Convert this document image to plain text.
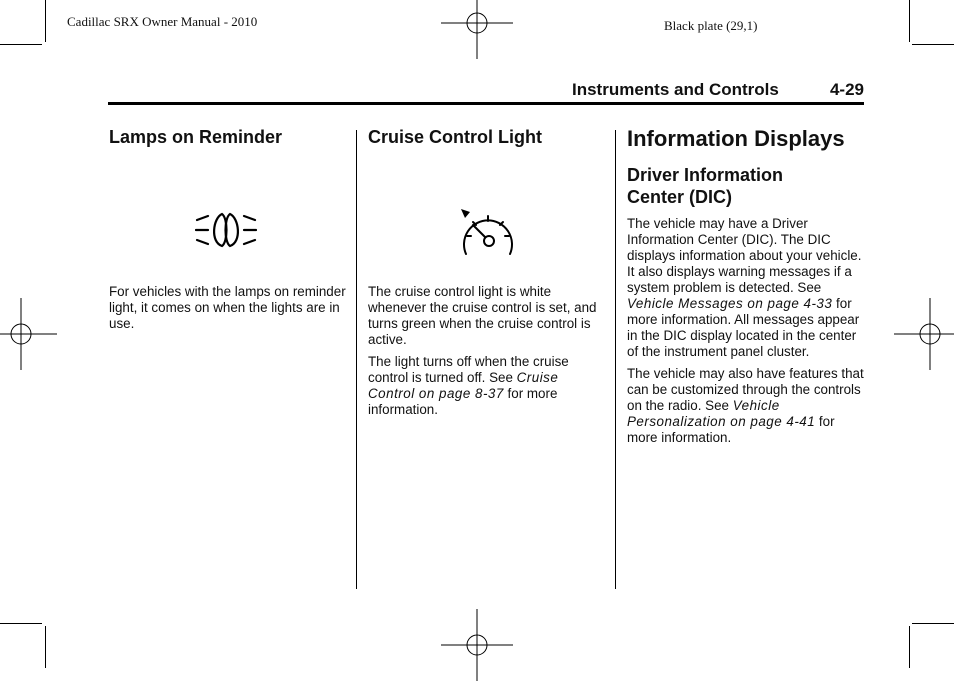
Cadillac SRX Owner Manual - 2010	Black plate (29,1)
Instruments and Controls	4-29
Lamps on Reminder

For vehicles with the lamps on reminder light, it comes on when the lights are in use.

Cruise Control Light

The cruise control light is white whenever the cruise control is set, and turns green when the cruise control is active.

The light turns off when the cruise control is turned off. See Cruise Control on page 8-37 for more information.

Information Displays
Driver Information Center (DIC)

The vehicle may have a Driver Information Center (DIC). The DIC displays information about your vehicle. It also displays warning messages if a system problem is detected. See Vehicle Messages on page 4-33 for more information. All messages appear in the DIC display located in the center of the instrument panel cluster.

The vehicle may also have features that can be customized through the controls on the radio. See Vehicle Personalization on page 4-41 for more information.
